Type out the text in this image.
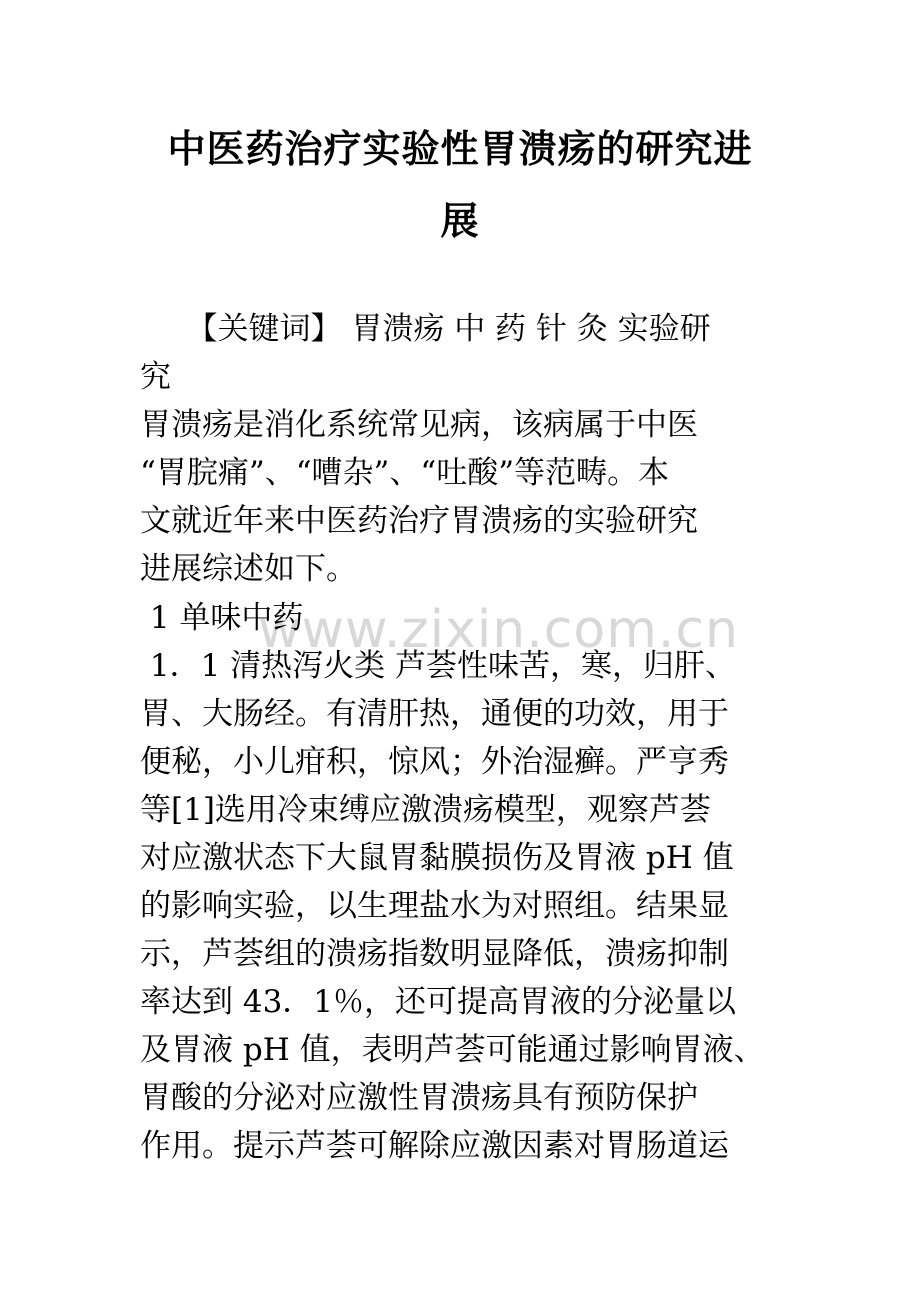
www.zixin.com.cn
中医药治疗实验性胃溃疡的研究进
展

　　【关键词】 胃溃疡 中 药 针 灸 实验研

究

胃溃疡是消化系统常见病，该病属于中医

“胃脘痛”、“嘈杂”、“吐酸”等范畴。本

文就近年来中医药治疗胃溃疡的实验研究

进展综述如下。

1 单味中药

1．1 清热泻火类 芦荟性味苦，寒，归肝、

胃、大肠经。有清肝热，通便的功效，用于

便秘，小儿疳积，惊风；外治湿癣。严亨秀

等[1]选用冷束缚应激溃疡模型，观察芦荟

对应激状态下大鼠胃黏膜损伤及胃液 pH 值

的影响实验，以生理盐水为对照组。结果显

示，芦荟组的溃疡指数明显降低，溃疡抑制

率达到 43．1％，还可提高胃液的分泌量以

及胃液 pH 值，表明芦荟可能通过影响胃液、

胃酸的分泌对应激性胃溃疡具有预防保护

作用。提示芦荟可解除应激因素对胃肠道运
